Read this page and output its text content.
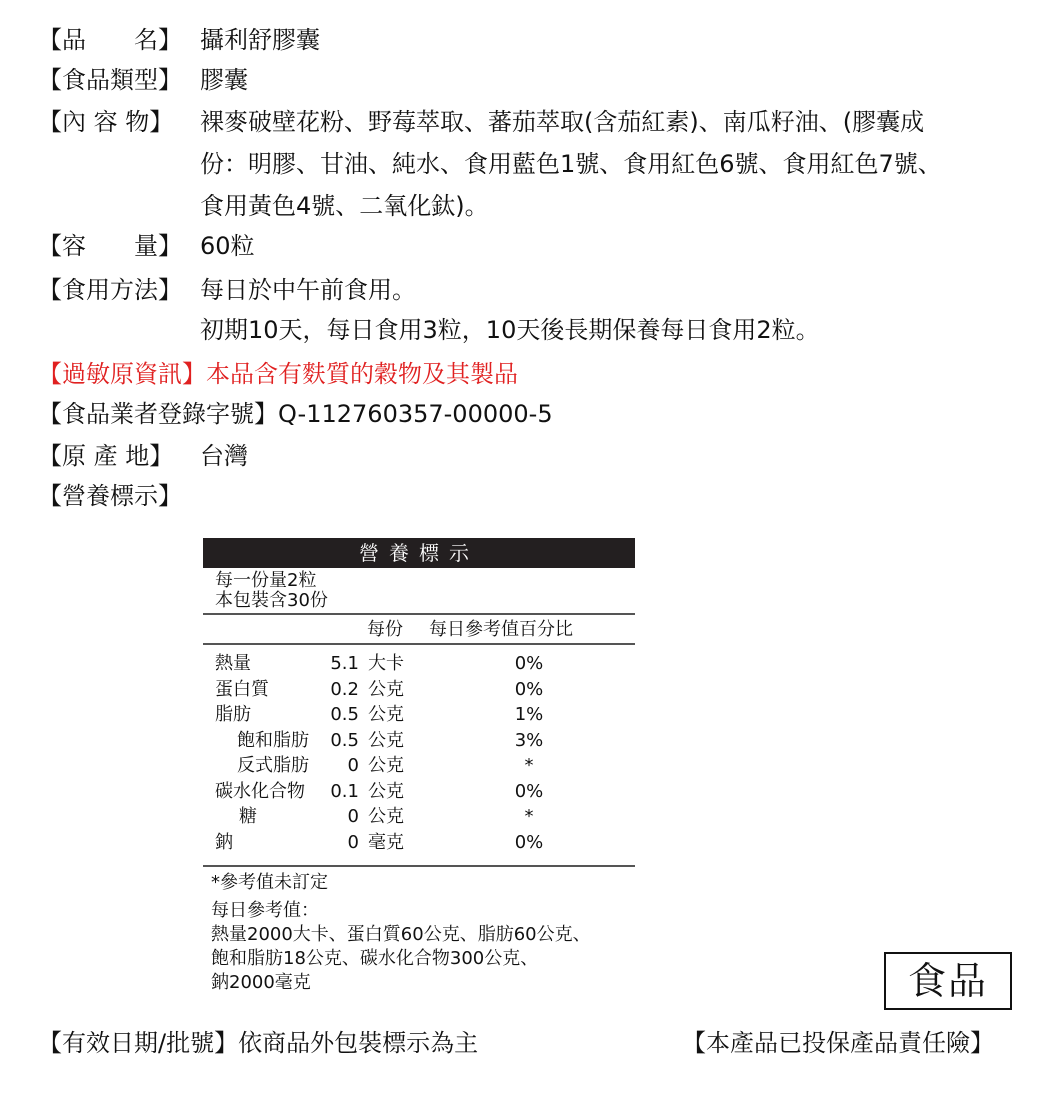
【品　　名】 攝利舒膠囊
【食品類型】 膠囊
【內 容 物】	裸麥破壁花粉、野莓萃取、蕃茄萃取(含茄紅素)、南瓜籽油、(膠囊成
份：明膠、甘油、純水、食用藍色1號、食用紅色6號、食用紅色7號、
食用黃色4號、二氧化鈦)。
【容　　量】 60粒
【食用方法】 每日於中午前食用。
初期10天，每日食用3粒，10天後長期保養每日食用2粒。
【過敏原資訊】本品含有麩質的穀物及其製品
【食品業者登錄字號】Q-112760357-00000-5
【原 產 地】	台灣
【營養標示】
營養標示
每一份量2粒
本包裝含30份
每份 每日參考值百分比
熱量	5.1 大卡	0%
蛋白質	0.2 公克	0%
脂肪	0.5 公克	1%
飽和脂肪	0.5 公克	3%
反式脂肪	0 公克	*
碳水化合物	0.1 公克	0%
糖	0 公克	*
鈉	0 毫克	0%
*參考值未訂定
每日參考值：
熱量2000大卡、蛋白質60公克、脂肪60公克、
飽和脂肪18公克、碳水化合物300公克、
鈉2000毫克	食品
【有效日期/批號】依商品外包裝標示為主	【本產品已投保產品責任險】
